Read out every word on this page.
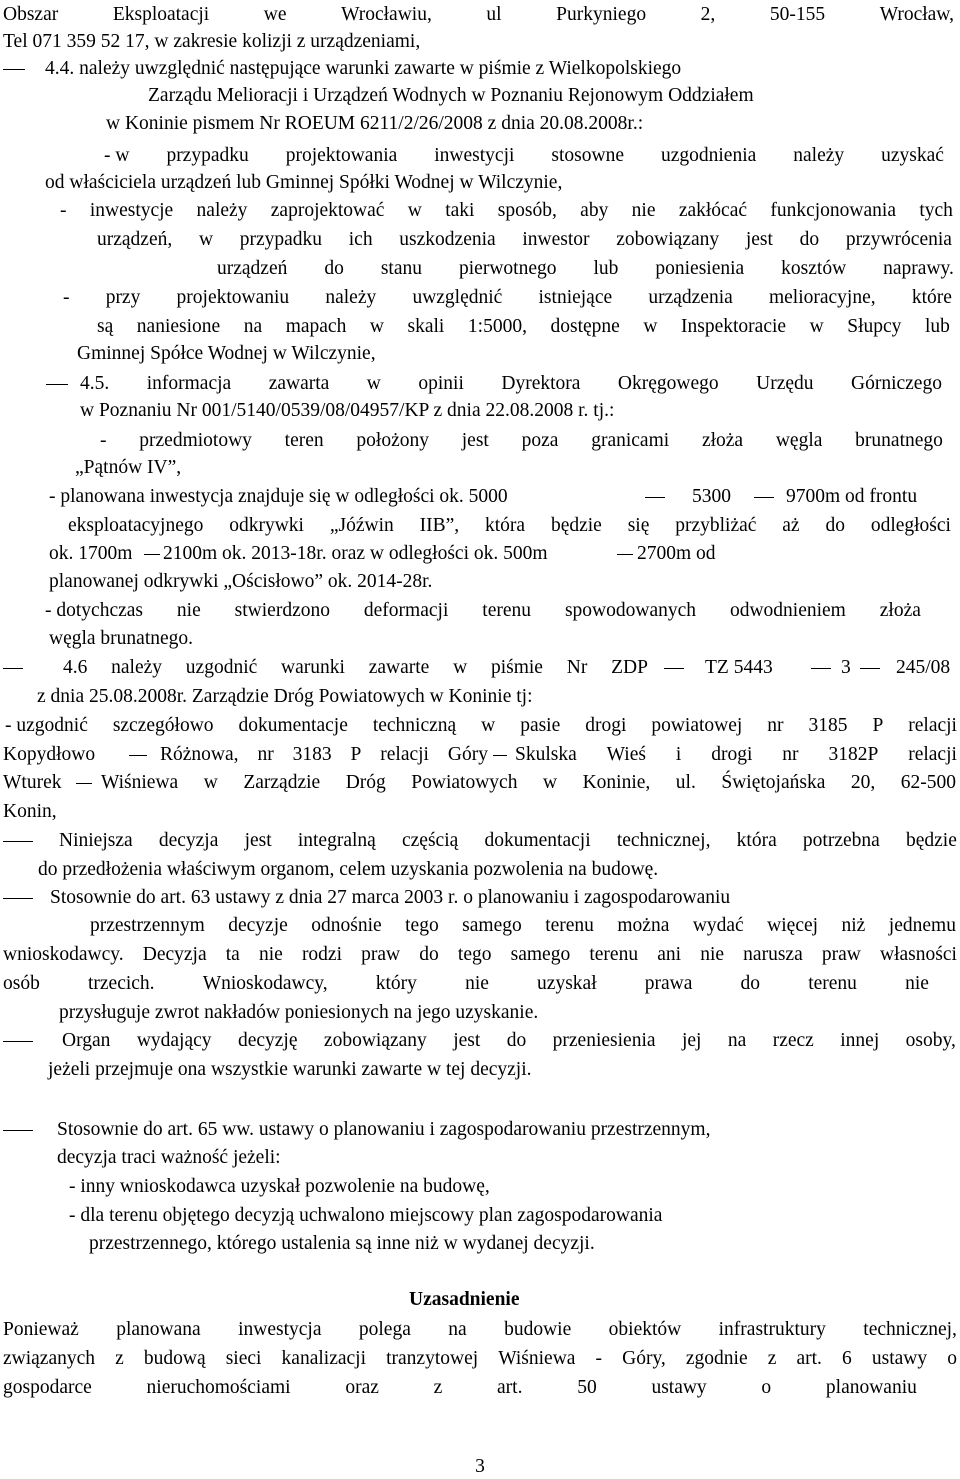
Obszar	Eksploatacji	we	Wrocławiu,	ul	Purkyniego	2,	50-155	Wrocław,
Tel 071 359 52 17, w zakresie kolizji z urządzeniami,
4.4. należy uwzględnić następujące warunki zawarte w piśmie z Wielkopolskiego
Zarządu Melioracji i Urządzeń Wodnych w Poznaniu Rejonowym Oddziałem
w Koninie pismem Nr ROEUM 6211/2/26/2008 z dnia 20.08.2008r.:
- w przypadku projektowania inwestycji stosowne uzgodnienia należy uzyskać
od właściciela urządzeń lub Gminnej Spółki Wodnej w Wilczynie,
- inwestycje należy zaprojektować w taki sposób, aby nie zakłócać funkcjonowania tych
urządzeń, w przypadku ich uszkodzenia inwestor zobowiązany jest do przywrócenia
urządzeń do stanu pierwotnego lub poniesienia kosztów naprawy.
- przy projektowaniu należy uwzględnić istniejące urządzenia melioracyjne, które
są naniesione na mapach w skali 1:5000, dostępne w Inspektoracie w Słupcy lub
Gminnej Spółce Wodnej w Wilczynie,
4.5. informacja zawarta w opinii Dyrektora Okręgowego Urzędu Górniczego
w Poznaniu Nr 001/5140/0539/08/04957/KP z dnia 22.08.2008 r. tj.:
- przedmiotowy teren położony jest poza granicami złoża węgla brunatnego
„Pątnów IV”,
- planowana inwestycja znajduje się w odległości ok. 5000	5300	9700m od frontu
eksploatacyjnego odkrywki „Jóźwin IIB”, która będzie się przybliżać aż do odległości
ok. 1700m 2100m ok. 2013-18r. oraz w odległości ok. 500m	2700m od
planowanej odkrywki „Ościsłowo” ok. 2014-28r.
- dotychczas nie stwierdzono deformacji terenu spowodowanych odwodnieniem złoża
węgla brunatnego.
4.6 należy uzgodnić warunki zawarte w piśmie Nr ZDP	TZ 5443	3 245/08
z dnia 25.08.2008r. Zarządzie Dróg Powiatowych w Koninie tj:
- uzgodnić szczegółowo dokumentacje techniczną w pasie drogi powiatowej nr 3185 P relacji
Kopydłowo	Różnowa, nr 3183 P relacji Góry Skulska Wieś i drogi nr 3182P relacji
Wturek Wiśniewa w Zarządzie Dróg Powiatowych w Koninie, ul. Świętojańska 20, 62-500
Konin,
Niniejsza decyzja jest integralną częścią dokumentacji technicznej, która potrzebna będzie
do przedłożenia właściwym organom, celem uzyskania pozwolenia na budowę.
Stosownie do art. 63 ustawy z dnia 27 marca 2003 r. o planowaniu i zagospodarowaniu
przestrzennym decyzje odnośnie tego samego terenu można wydać więcej niż jednemu
wnioskodawcy. Decyzja ta nie rodzi praw do tego samego terenu ani nie narusza praw własności
osób trzecich. Wnioskodawcy, który nie uzyskał prawa do terenu nie
przysługuje zwrot nakładów poniesionych na jego uzyskanie.
Organ wydający decyzję zobowiązany jest do przeniesienia jej na rzecz innej osoby,
jeżeli przejmuje ona wszystkie warunki zawarte w tej decyzji.
Stosownie do art. 65 ww. ustawy o planowaniu i zagospodarowaniu przestrzennym,
decyzja traci ważność jeżeli:
- inny wnioskodawca uzyskał pozwolenie na budowę,
- dla terenu objętego decyzją uchwalono miejscowy plan zagospodarowania
przestrzennego, którego ustalenia są inne niż w wydanej decyzji.
Uzasadnienie
Ponieważ planowana inwestycja polega na budowie obiektów infrastruktury technicznej,
związanych z budową sieci kanalizacji tranzytowej Wiśniewa - Góry, zgodnie z art. 6 ustawy o
gospodarce	nieruchomościami	oraz	z	art.	50	ustawy	o	planowaniu
3
